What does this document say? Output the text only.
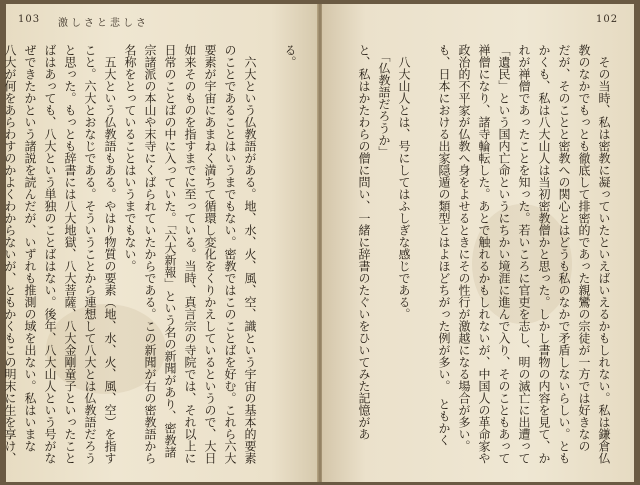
103 激しさと悲しさ
る。

　六大という仏教語がある。地、水、火、風、空、識という宇宙の基本的要素
のことであることはいうまでもない。密教ではこのことばを好む。これら六大
要素が宇宙にあまねく満ちて循環し変化をくりかえしているというので、大日
如来そのものを指すまでに至っている。当時、真言宗の寺院では、それ以上に
日常のことばの中に入っていた。「六大新報」という名の新聞があり、密教諸
宗諸派の本山や末寺にくばられていたからである。この新聞が右の密教語から
名称をとっていることはいうまでもない。
　五大という仏教語もある。やはり物質の要素（地、水、火、風、空）を指す
こと。六大とおなじである。そういうことから連想して八大とは仏教語だろう
と思った。もっとも辞書には八大地獄、八大菩薩、八大金剛童子といったこと
ばはあっても、八大という単独のことばはない。後年、八大山人という号がな
ぜできたかという諸説を読んだが、いずれも推測の域を出ない。私はいまな
八大が何をあらわすのかよくわからないが、ともかくもこの明末に生を享け、
102
　その当時、私は密教に凝っていたといえばいえるかもしれない。私は鎌倉仏
教のなかでもっとも徹底して排密的であった親鸞の宗徒が一方では好きなの
だが、そのことと密教への関心とはどうも私のなかで矛盾しないらしい。とも
かくも、私は八大山人は当初密教僧かと思った。しかし書物の内容を見て、か
れが禅僧であったことを知った。若いころに官吏を志し、明の滅亡に出遭って
「遺民」という国内亡命というにちかい境涯に進んで入り、そのこともあって
禅僧になり、諸寺輪転した。あとで触れるかもしれないが、中国人の革命家や
政治的不平家が仏教へ身をよせるときにその性行が激越になる場合が多い。
も、日本における出家隠遁の類型とはよほどちがった例が多い。　ともかく

　八大山人とは、号にしてはふしぎな感じである。
　「仏教語だろうか」
と、私はかたわらの僧に問い、一緒に辞書のたぐいをひいてみた記憶があ
